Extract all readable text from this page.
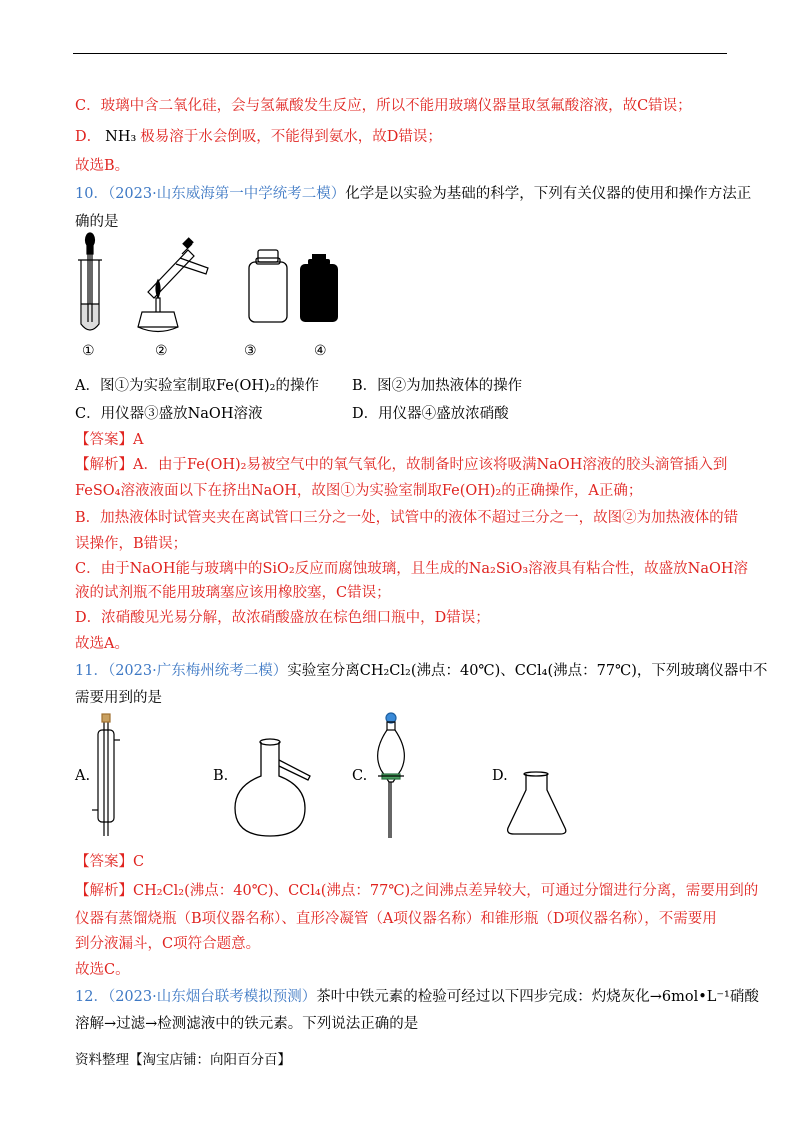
C．玻璃中含二氧化硅，会与氢氟酸发生反应，所以不能用玻璃仪器量取氢氟酸溶液，故C错误；
D． NH₃ 极易溶于水会倒吸，不能得到氨水，故D错误；
故选B。
10．（2023·山东威海第一中学统考二模）化学是以实验为基础的科学，下列有关仪器的使用和操作方法正
确的是
①	②	③	④
A．图①为实验室制取Fe(OH)₂的操作 B．图②为加热液体的操作
C．用仪器③盛放NaOH溶液	D．用仪器④盛放浓硝酸
【答案】A
【解析】A．由于Fe(OH)₂易被空气中的氧气氧化，故制备时应该将吸满NaOH溶液的胶头滴管插入到
FeSO₄溶液液面以下在挤出NaOH，故图①为实验室制取Fe(OH)₂的正确操作，A正确；
B．加热液体时试管夹夹在离试管口三分之一处，试管中的液体不超过三分之一，故图②为加热液体的错
误操作，B错误；
C．由于NaOH能与玻璃中的SiO₂反应而腐蚀玻璃，且生成的Na₂SiO₃溶液具有粘合性，故盛放NaOH溶
液的试剂瓶不能用玻璃塞应该用橡胶塞，C错误；
D．浓硝酸见光易分解，故浓硝酸盛放在棕色细口瓶中，D错误；
故选A。
11．（2023·广东梅州统考二模）实验室分离CH₂Cl₂(沸点：40℃)、CCl₄(沸点：77℃)，下列玻璃仪器中不
需要用到的是
A.	B.	C.	D.
【答案】C
【解析】CH₂Cl₂(沸点：40℃)、CCl₄(沸点：77℃)之间沸点差异较大，可通过分馏进行分离，需要用到的
仪器有蒸馏烧瓶（B项仪器名称）、直形冷凝管（A项仪器名称）和锥形瓶（D项仪器名称），不需要用
到分液漏斗，C项符合题意。
故选C。
12．（2023·山东烟台联考模拟预测）茶叶中铁元素的检验可经过以下四步完成：灼烧灰化→6mol•L⁻¹硝酸
溶解→过滤→检测滤液中的铁元素。下列说法正确的是
资料整理【淘宝店铺：向阳百分百】
